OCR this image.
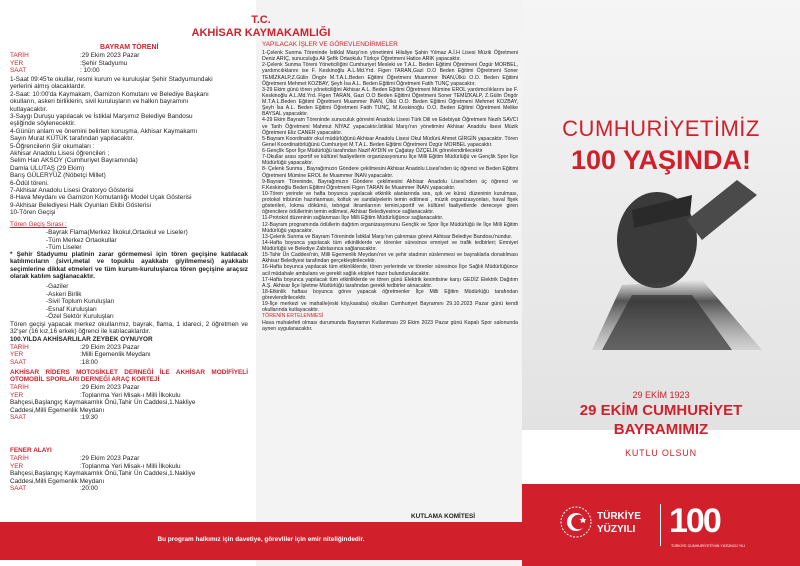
BAYRAM TÖRENİ
TARİH	:29 Ekim 2023 Pazar
YER	:Şehir Stadyumu
SAAT	: 10:00
1-Saat 09:45'te okullar, resmi kurum ve kuruluşlar Şehir Stadyumundaki
yerlerini almış olacaklardır.
2-Saat: 10:00'da Kaymakam, Garnizon Komutanı ve Belediye Başkanı
okulların, askeri birliklerin, sivil kuruluşların ve halkın bayramını
kutlayacaktır.
3-Saygı Duruşu yapılacak ve İstiklal Marşımız Belediye Bandosu
eşliğinde söylenecektir.
4-Günün anlam ve önemini belirten konuşma, Akhisar Kaymakamı
Sayın Murat KÜTÜK tarafından yapılacaktır.
5-Öğrencilerin Şiir okumaları :
Akhisar Anadolu Lisesi öğrencileri ;
Selim Han AKSOY (Cumhuriyet Bayramında)
Damla ULUTAŞ (29 Ekim)
Barış GÜLERYÜZ (Nöbetçi Millet)
6-Ödül töreni.
7-Akhisar Anadolu Lisesi Oratoryo Gösterisi
8-Hava Meydanı ve Garnizon Komutanlığı Model Uçak Gösterisi
9-Akhisar Belediyesi Halk Oyunları Ekibi Gösterisi
10-Tören Geçişi
Tören Geçiş Sırası :
-Bayrak Flama(Merkez İlkokul,Ortaokul ve Liseler)
-Tüm Merkez Ortaokullar
-Tüm Liseler
* Şehir Stadyumu platinin zarar görmemesi için tören geçişine katılacak katılımcıların (sivri,metal ve topuklu ayakkabı giyilmemesi) ayakkabı seçimlerine dikkat etmeleri ve tüm kurum-kuruluşlarca tören geçişine araçsız olarak katılım sağlanacaktır.
-Gaziler
-Askeri Birlik
-Sivil Toplum Kuruluşları
-Esnaf Kuruluşları
-Özel Sektör Kuruluşları
Tören geçişi yapacak merkez okullarımız, bayrak, flama, 1 idareci, 2 öğretmen ve 32'şer (16 kız,16 erkek) öğrenci ile katılacaklardır.
100.YILDA AKHİSARLILAR ZEYBEK OYNUYOR
TARİH	:29 Ekim 2023 Pazar
YER	:Milli Egemenlik Meydanı
SAAT	:18:00
AKHİSAR RİDERS MOTOSİKLET DERNEĞİ İLE AKHİSAR MODİFİYELİ OTOMOBİL SPORLARI DERNEĞİ ARAÇ KORTEJİ
TARİH	:29 Ekim 2023 Pazar
YER	:Toplanma Yeri Misak-ı Milli İlkokulu
Bahçesi,Başlangıç Kaymakamlık Önü,Tahir Ün Caddesi,1.Nakliye
Caddesi,Milli Egemenlik Meydanı
SAAT	:19:30
FENER ALAYI
TARİH	:29 Ekim 2023 Pazar
YER	:Toplanma Yeri Misak-ı Milli İlkokulu
Bahçesi,Başlangıç Kaymakamlık Önü,Tahir Ün Caddesi,1.Nakliye
Caddesi,Milli Egemenlik Meydanı
SAAT	:20:00
YAPILACAK İŞLER VE GÖREVLENDİRMELER

1-Çelenk Sunma Töreninde İstiklal Marşı'nın yönetimini Hilaliye Şahin Yılmaz A.İ.H Lisesi Müzik Öğretmeni Deniz ARIÇ, sunuculuğu Ali Şefik Ortaokulu Türkçe Öğretmeni Hatice ARIK yapacaktır.

2-Çelenk Sunma Töreni Yöneticiliğini Cumhuriyet Mesleki ve T.A.L. Beden Eğitimi Öğretmeni Özgür MORBEL, yardımcılıklarını ise F. Keskinoğlu A.L.Md.Yrd. Figen TARAN,Gazi O.O Beden Eğitimi Öğretmeni Soner TEMİZKALP,Z.Gülin Öngör M.T.A.L.Beden Eğitimi Öğretmeni Muammer İNAN,Ülkü O.O. Beden Eğitimi Öğretmeni Mehmet KOZBAY, Şeyh İsa A.L. Beden Eğitimi Öğretmeni Fatih TUNÇ yapacaktır.

3-29 Ekim günü tören yöneticiliğini Akhisar A.L. Beden Eğitimi Öğretmeni Mümine EROL yardımcılıklarını ise F. Keskinoğlu A.L.Md.Yrd. Figen TARAN, Gazi O.O Beden Eğitimi Öğretmeni Soner TEMİZKALP, Z.Gülin Öngör M.T.A.L.Beden Eğitimi Öğretmeni Muammer İNAN, Ülkü O.O. Beden Eğitimi Öğretmeni Mehmet KOZBAY, Şeyh İsa A.L. Beden Eğitimi Öğretmeni Fatih TUNÇ, M.Keskinoğlu O.O. Beden Eğitimi Öğretmeni Melike BAYSAL yapacaktır.

4-29 Ekim Bayram Töreninde sunuculuk görevini Anadolu Lisesi Türk Dili ve Edebiyatı Öğretmeni Nezih SAVCI ve Tarih Öğretmeni Mahmut NİYAZ yapacaktır.İstiklal Marşı'nın yönetimini Akhisar Anadolu lisesi Müzik Öğretmeni Eliz CANER yapacaktır.

5-Bayram Koordinatör okul müdürlüğünü Akhisar Anadolu Lisesi Okul Müdürü Ahmet GİRGİN yapacaktır. Tören Genel Koordinatörlüğünü Cumhuriyet M.T.A.L. Beden Eğitimi Öğretmeni Özgür MORBEL yapacaktır.

6-Gençlik Spor İlçe Müdürlüğü tarafından Nazif AYDIN ve Çağatay ÖZÇELİK görevlendirilecektir

7-Okullar arası sportif ve kültürel faaliyetlerin organizasyonunu İlçe Milli Eğitim Müdürlüğü ve Gençlik Spor İlçe Müdürlüğü yapacaktır.

8- Çelenk Sunma , Bayrağımızın Göndere çekilmesini Akhisar Anadolu Lisesi'nden üç öğrenci ve Beden Eğitimi Öğretmeni Mümine EROL ile Muammer İNAN yapacaktır.

9-Bayram Töreninde, Bayrağımızın Göndere çekilmesini Akhisar Anadolu Lisesi'nden üç öğrenci ve F.Keskinoğlu Beden Eğitimi Öğretmeni Figen TARAN ile Muammer İNAN yapacaktır.

10-Tören yerinde ve hafta boyunca yapılacak etkinlik alanlarında ses, ışık ve kürsü düzeninin kurulması, protokol tribünün hazırlanması, koltuk ve sandalyelerin temin edilmesi , müzik organizasyonları, haval fişek gösterileri, lokma dökümü, tebrigat ikramlarının temini,sportif ve kültürel faaliyetlerde dereceye giren öğrencilere ödüllerinin temin edilmesi, Akhisar Belediyesince sağlanacaktır.

11-Protokol düzeninin sağlanması İlçe Milli Eğitim Müdürlüğünce sağlanacaktır.

12-Bayram programında ödüllerin dağıtım organizasyonunu Gençlik ve Spor İlçe Müdürlüğü ile İlçe Milli Eğitim Müdürlüğü yapacaktır.

13-Çelenk Sunma ve Bayram Töreninde İstiklal Marşı'nın çalınması görevi Akhisar Belediye Bandosu'nundur.

14-Hafta boyunca yapılacak tüm etkinliklerde ve törenler süresince emniyet ve trafik tedbirleri; Emniyet Müdürlüğü ve Belediye Zabıtasınca sağlanacaktır.

15-Tahir Ün Caddesi'nin, Milli Egemenlik Meydanı'nın ve şehir stadının süslenmesi ve bayraklarla donatılması Akhisar Belediyesi tarafından gerçekleştirilecektir.

16-Hafta boyunca yapılacak tüm etkinliklerde, tören yerlerinde ve törenler süresince İlçe Sağlık Müdürlüğünce acil müdahale ambulans ve gerekli sağlık ekipleri hazır bulundurulacaktır.

17-Hafta boyunca yapılacak tüm etkinliklerde ve tören günü Elektrik kesintisine karşı GEDİZ Elektrik Dağıtım A.Ş. Akhisar İlçe İşletme Müdürlüğü tarafından gerekli tedbirler alınacaktır.

18-Etkinlik haftası boyunca görev yapacak öğretmenler İlçe Milli Eğitim Müdürlüğü tarafından görevlendirilecektir.

19-İlçe merkezi ve mahalle(eski köy,kasaba) okulları Cumhuriyet Bayramını 29.10.2023 Pazar günü kendi okullarında kutlayacaktır.

TÖRENİN ERTELENMESİ

Hava muhalefeti olması durumunda Bayramın Kutlanması 29 Ekim 2023 Pazar günü Kapalı Spor salonunda aynen uygulanacaktır.

KUTLAMA KOMİTESİ
T.C.
AKHİSAR KAYMAKAMLIĞI
Bu program halkımız için davetiye, görevliler için emir niteliğindedir.
CUMHURİYETİMİZ
100 YAŞINDA!
29 EKİM 1923
29 EKİM CUMHURİYET
BAYRAMIMIZ
KUTLU OLSUN
TÜRKİYE
YÜZYILI 100
TÜRKİYE CUMHURİYETİ'NİN YÜZÜNCÜ YILI
